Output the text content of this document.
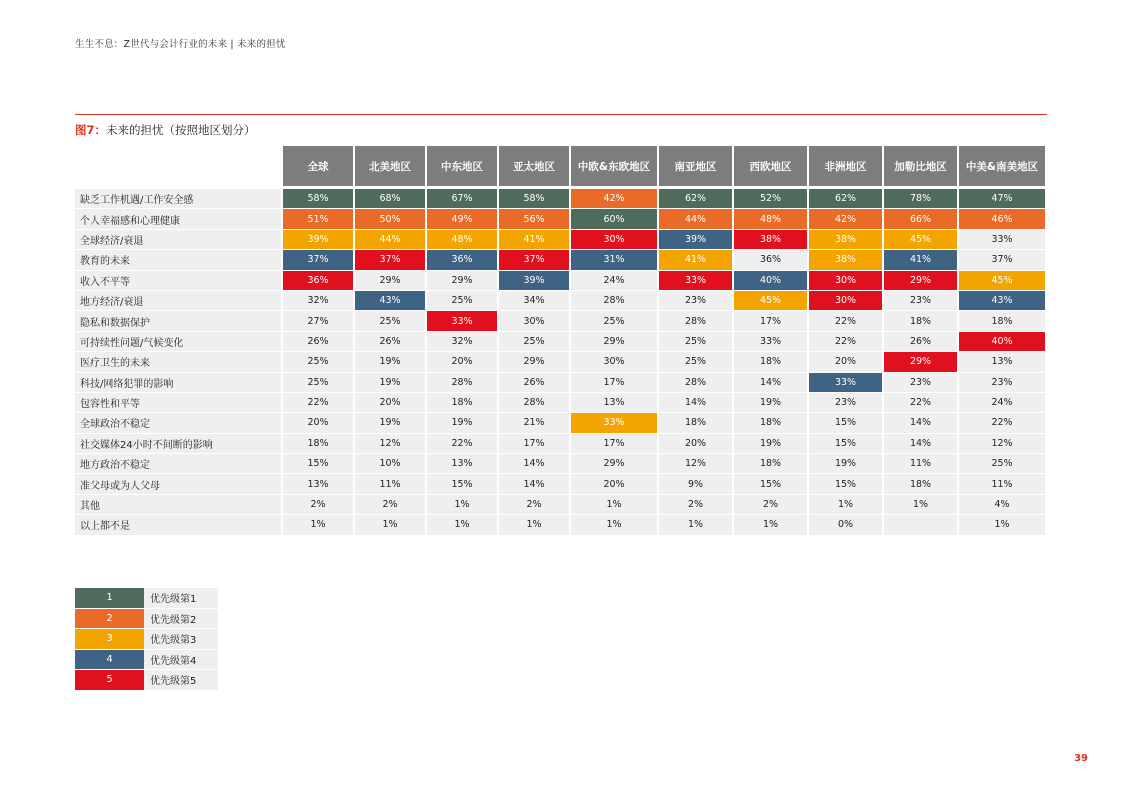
生生不息：Z世代与会计行业的未来 | 未来的担忧
图7：未来的担忧（按照地区划分）
	全球	北美地区	中东地区	亚太地区	中欧&东欧地区	南亚地区	西欧地区	非洲地区	加勒比地区	中美&南美地区
缺乏工作机遇/工作安全感	58%	68%	67%	58%	42%	62%	52%	62%	78%	47%
个人幸福感和心理健康	51%	50%	49%	56%	60%	44%	48%	42%	66%	46%
全球经济/衰退	39%	44%	48%	41%	30%	39%	38%	38%	45%	33%
教育的未来	37%	37%	36%	37%	31%	41%	36%	38%	41%	37%
收入不平等	36%	29%	29%	39%	24%	33%	40%	30%	29%	45%
地方经济/衰退	32%	43%	25%	34%	28%	23%	45%	30%	23%	43%
隐私和数据保护	27%	25%	33%	30%	25%	28%	17%	22%	18%	18%
可持续性问题/气候变化	26%	26%	32%	25%	29%	25%	33%	22%	26%	40%
医疗卫生的未来	25%	19%	20%	29%	30%	25%	18%	20%	29%	13%
科技/网络犯罪的影响	25%	19%	28%	26%	17%	28%	14%	33%	23%	23%
包容性和平等	22%	20%	18%	28%	13%	14%	19%	23%	22%	24%
全球政治不稳定	20%	19%	19%	21%	33%	18%	18%	15%	14%	22%
社交媒体24小时不间断的影响	18%	12%	22%	17%	17%	20%	19%	15%	14%	12%
地方政治不稳定	15%	10%	13%	14%	29%	12%	18%	19%	11%	25%
准父母或为人父母	13%	11%	15%	14%	20%	9%	15%	15%	18%	11%
其他	2%	2%	1%	2%	1%	2%	2%	1%	1%	4%
以上都不是	1%	1%	1%	1%	1%	1%	1%	0%		1%
1	优先级第1
2	优先级第2
3	优先级第3
4	优先级第4
5	优先级第5
39
